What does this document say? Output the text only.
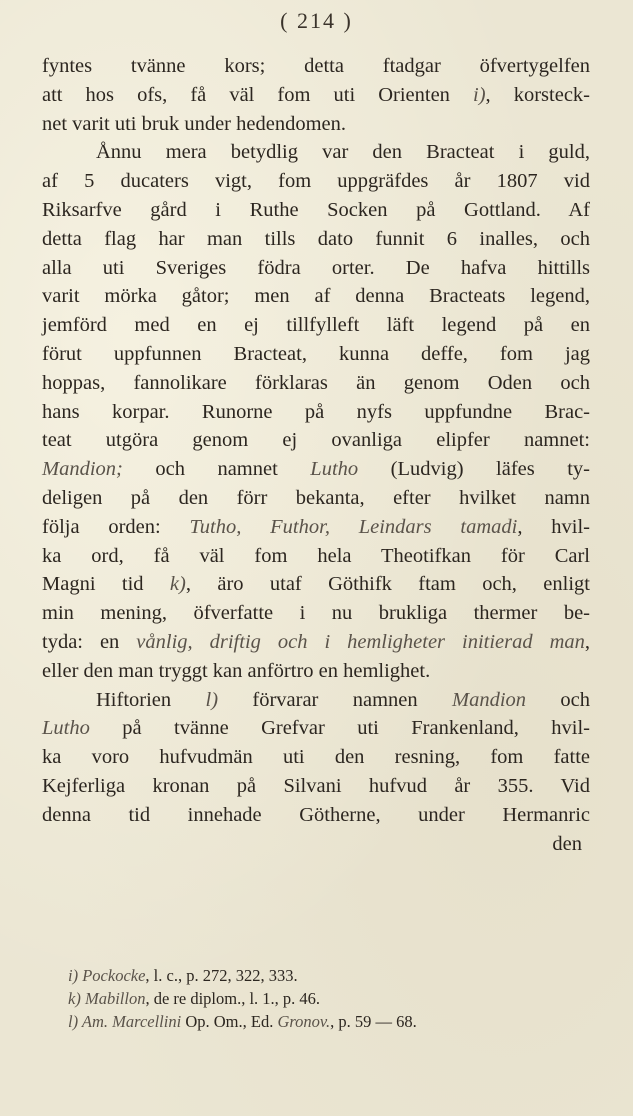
( 214 )
fyntes tvänne kors; detta ftadgar öfvertygelfen
att hos ofs, få väl fom uti Orienten i), korsteck-
net varit uti bruk under hedendomen.
Ånnu mera betydlig var den Bracteat i guld,
af 5 ducaters vigt, fom uppgräfdes år 1807 vid
Riksarfve gård i Ruthe Socken på Gottland. Af
detta flag har man tills dato funnit 6 inalles, och
alla uti Sveriges födra orter. De hafva hittills
varit mörka gåtor; men af denna Bracteats legend,
jemförd med en ej tillfylleft läft legend på en
förut uppfunnen Bracteat, kunna deffe, fom jag
hoppas, fannolikare förklaras än genom Oden och
hans korpar. Runorne på nyfs uppfundne Brac-
teat utgöra genom ej ovanliga elipfer namnet:
Mandion; och namnet Lutho (Ludvig) läfes ty-
deligen på den förr bekanta, efter hvilket namn
följa orden: Tutho, Futhor, Leindars tamadi, hvil-
ka ord, få väl fom hela Theotifkan för Carl
Magni tid k), äro utaf Göthifk ftam och, enligt
min mening, öfverfatte i nu brukliga thermer be-
tyda: en vånlig, driftig och i hemligheter initierad man,
eller den man tryggt kan anförtro en hemlighet.
Hiftorien l) förvarar namnen Mandion och
Lutho på tvänne Grefvar uti Frankenland, hvil-
ka voro hufvudmän uti den resning, fom fatte
Kejferliga kronan på Silvani hufvud år 355. Vid
denna tid innehade Götherne, under Hermanric
den
i) Pockocke, l. c., p. 272, 322, 333.
k) Mabillon, de re diplom., l. 1., p. 46.
l) Am. Marcellini Op. Om., Ed. Gronov., p. 59 — 68.
